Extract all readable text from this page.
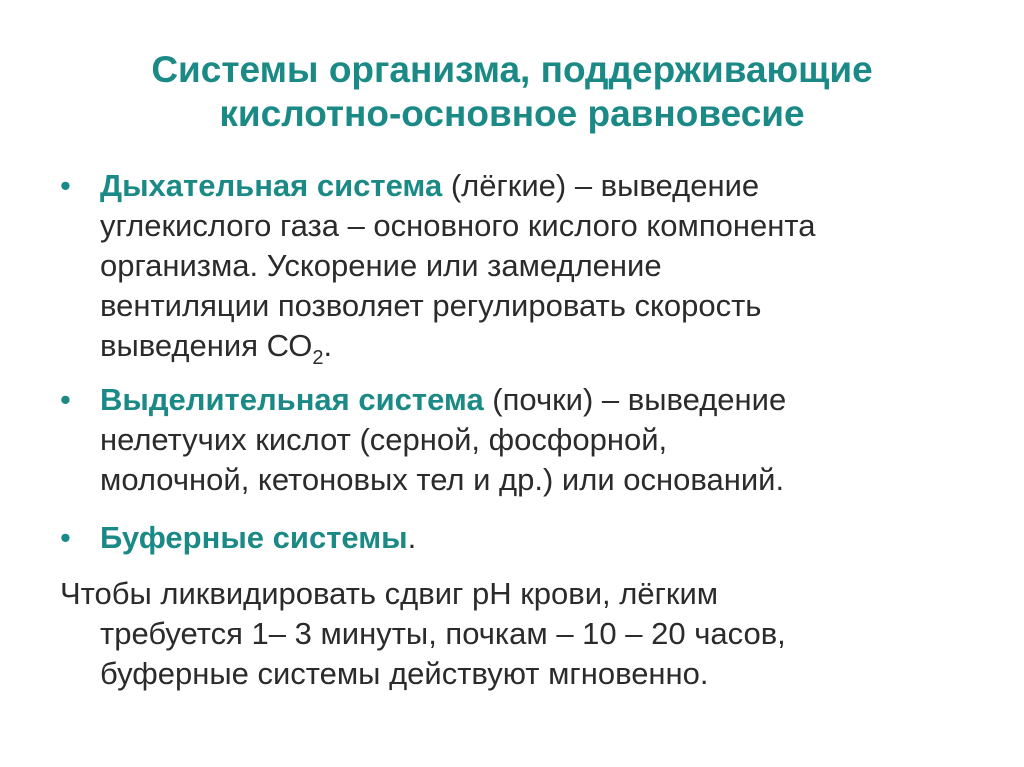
Системы организма, поддерживающие
кислотно-основное равновесие
• Дыхательная система (лёгкие) – выведение
углекислого газа – основного кислого компонента
организма. Ускорение или замедление
вентиляции позволяет регулировать скорость
выведения $СО_2$.
• Выделительная система (почки) – выведение
нелетучих кислот (серной, фосфорной,
молочной, кетоновых тел и др.) или оснований.
• Буферные системы.
Чтобы ликвидировать сдвиг рН крови, лёгким
требуется 1– 3 минуты, почкам – 10 – 20 часов,
буферные системы действуют мгновенно.
